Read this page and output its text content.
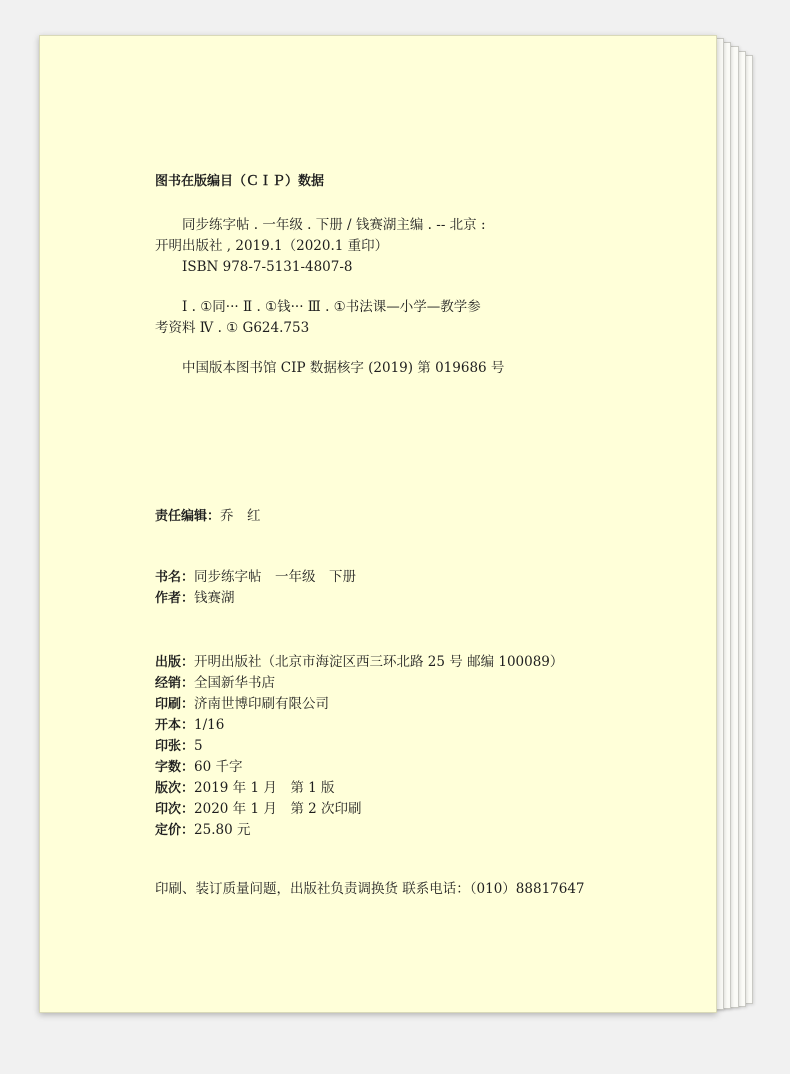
图书在版编目（ＣＩＰ）数据
同步练字帖 . 一年级 . 下册 / 钱赛湖主编 . -- 北京 :
开明出版社 , 2019.1（2020.1 重印）
ISBN 978-7-5131-4807-8
Ⅰ . ①同··· Ⅱ . ①钱··· Ⅲ . ①书法课—小学—教学参
考资料 Ⅳ . ① G624.753
中国版本图书馆 CIP 数据核字 (2019) 第 019686 号
责任编辑：乔　红
书名：同步练字帖　一年级　下册
作者：钱赛湖
出版：开明出版社（北京市海淀区西三环北路 25 号 邮编 100089）
经销：全国新华书店
印刷：济南世博印刷有限公司
开本：1/16
印张：5
字数：60 千字
版次：2019 年 1 月　第 1 版
印次：2020 年 1 月　第 2 次印刷
定价：25.80 元
印刷、装订质量问题，出版社负责调换货 联系电话：（010）88817647
